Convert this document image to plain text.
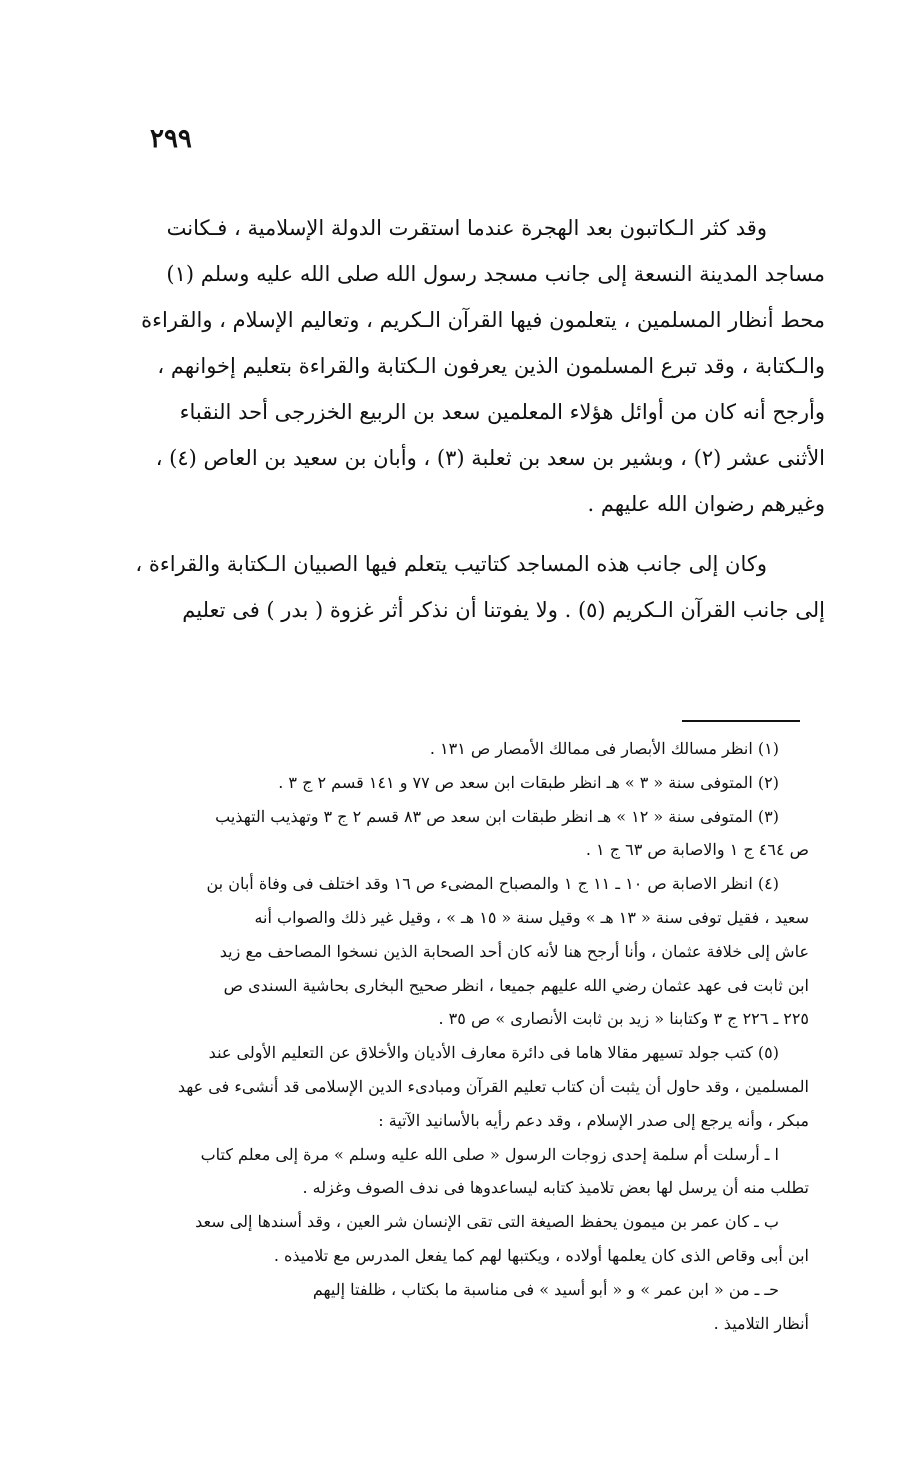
٢٩٩
وقد كثر الـكاتبون بعد الهجرة عندما استقرت الدولة الإسلامية ، فـكانت
مساجد المدينة النسعة إلى جانب مسجد رسول الله صلى الله عليه وسلم (١)
محط أنظار المسلمين ، يتعلمون فيها القرآن الـكريم ، وتعاليم الإسلام ، والقراءة
والـكتابة ، وقد تبرع المسلمون الذين يعرفون الـكتابة والقراءة بتعليم إخوانهم ،
وأرجح أنه كان من أوائل هؤلاء المعلمين سعد بن الربيع الخزرجى أحد النقباء
الأثنى عشر (٢) ، وبشير بن سعد بن ثعلبة (٣) ، وأبان بن سعيد بن العاص (٤) ،
وغيرهم رضوان الله عليهم .
وكان إلى جانب هذه المساجد كتاتيب يتعلم فيها الصبيان الـكتابة والقراءة ،
إلى جانب القرآن الـكريم (٥) . ولا يفوتنا أن نذكر أثر غزوة ( بدر ) فى تعليم
(١) انظر مسالك الأبصار فى ممالك الأمصار ص ١٣١ .
(٢) المتوفى سنة « ٣ » هـ انظر طبقات ابن سعد ص ٧٧ و ١٤١ قسم ٢ ج ٣ .
(٣) المتوفى سنة « ١٢ » هـ انظر طبقات ابن سعد ص ٨٣ قسم ٢ ج ٣ وتهذيب التهذيب
ص ٤٦٤ ج ١ والاصابة ص ٦٣ ج ١ .
(٤) انظر الاصابة ص ١٠ ـ ١١ ج ١ والمصباح المضىء ص ١٦ وقد اختلف فى وفاة أبان بن
سعيد ، فقيل توفى سنة « ١٣ هـ » وقيل سنة « ١٥ هـ » ، وقيل غير ذلك والصواب أنه
عاش إلى خلافة عثمان ، وأنا أرجح هنا لأنه كان أحد الصحابة الذين نسخوا المصاحف مع زيد
ابن ثابت فى عهد عثمان رضي الله عليهم جميعا ، انظر صحيح البخارى بحاشية السندى ص
٢٢٥ ـ ٢٢٦ ج ٣ وكتابنا « زيد بن ثابت الأنصارى » ص ٣٥ .
(٥) كتب جولد تسيهر مقالا هاما فى دائرة معارف الأديان والأخلاق عن التعليم الأولى عند
المسلمين ، وقد حاول أن يثبت أن كتاب تعليم القرآن ومبادىء الدين الإسلامى قد أنشىء فى عهد
مبكر ، وأنه يرجع إلى صدر الإسلام ، وقد دعم رأيه بالأسانيد الآتية :
ا ـ أرسلت أم سلمة إحدى زوجات الرسول « صلى الله عليه وسلم » مرة إلى معلم كتاب
تطلب منه أن يرسل لها بعض تلاميذ كتابه ليساعدوها فى ندف الصوف وغزله .
ب ـ كان عمر بن ميمون يحفظ الصيغة التى تقى الإنسان شر العين ، وقد أسندها إلى سعد
ابن أبى وقاص الذى كان يعلمها أولاده ، ويكتبها لهم كما يفعل المدرس مع تلاميذه .
حـ ـ من « ابن عمر » و « أبو أسيد » فى مناسبة ما بكتاب ، ظلفتا إليهم
أنظار التلاميذ .
